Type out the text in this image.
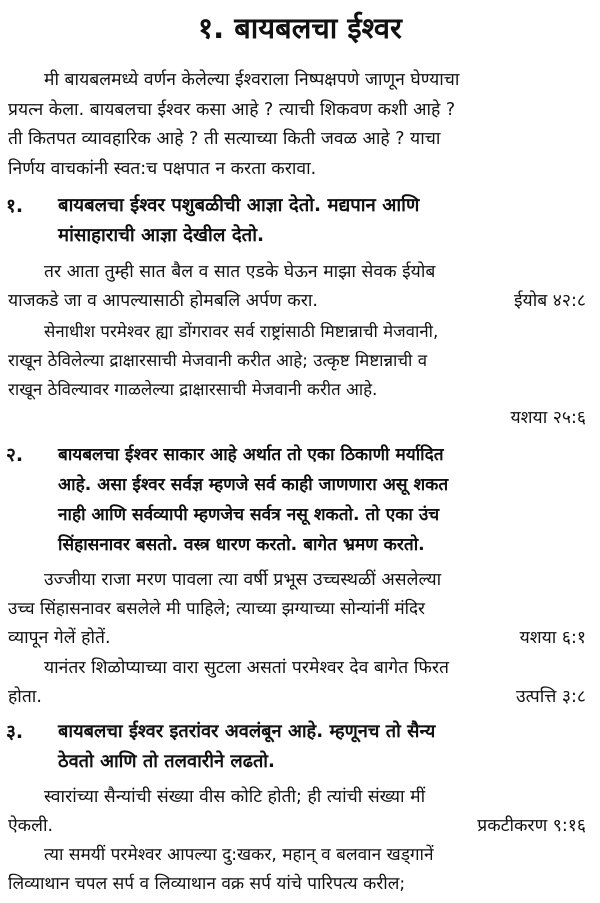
१. बायबलचा ईश्वर
मी बायबलमध्ये वर्णन केलेल्या ईश्वराला निष्पक्षपणे जाणून घेण्याचा
प्रयत्न केला. बायबलचा ईश्वर कसा आहे ? त्याची शिकवण कशी आहे ?
ती कितपत व्यावहारिक आहे ? ती सत्याच्या किती जवळ आहे ? याचा
निर्णय वाचकांनी स्वत:च पक्षपात न करता करावा.
१. बायबलचा ईश्वर पशुबळीची आज्ञा देतो. मद्यपान आणि
मांसाहाराची आज्ञा देखील देतो.
तर आता तुम्ही सात बैल व सात एडके घेऊन माझा सेवक ईयोब
याजकडे जा व आपल्यासाठी होमबलि अर्पण करा.	ईयोब ४२:८
सेनाधीश परमेश्वर ह्या डोंगरावर सर्व राष्ट्रांसाठी मिष्टान्नाची मेजवानी,
राखून ठेविलेल्या द्राक्षारसाची मेजवानी करीत आहे; उत्कृष्ट मिष्टान्नाची व
राखून ठेविल्यावर गाळलेल्या द्राक्षारसाची मेजवानी करीत आहे.
यशया २५:६
२. बायबलचा ईश्वर साकार आहे अर्थात तो एका ठिकाणी मर्यादित
आहे. असा ईश्वर सर्वज्ञ म्हणजे सर्व काही जाणणारा असू शकत
नाही आणि सर्वव्यापी म्हणजेच सर्वत्र नसू शकतो. तो एका उंच
सिंहासनावर बसतो. वस्त्र धारण करतो. बागेत भ्रमण करतो.
उज्जीया राजा मरण पावला त्या वर्षी प्रभूस उच्चस्थळीं असलेल्या
उच्च सिंहासनावर बसलेले मी पाहिले; त्याच्या झग्याच्या सोन्यांनीं मंदिर
व्यापून गेलें होतें.	यशया ६:१
यानंतर शिळोप्याच्या वारा सुटला असतां परमेश्वर देव बागेत फिरत
होता.	उत्पत्ति ३:८
३. बायबलचा ईश्वर इतरांवर अवलंबून आहे. म्हणूनच तो सैन्य
ठेवतो आणि तो तलवारीने लढतो.
स्वारांच्या सैन्यांची संख्या वीस कोटि होती; ही त्यांची संख्या मीं
ऐकली.	प्रकटीकरण ९:१६
त्या समयीं परमेश्वर आपल्या दु:खकर, महान् व बलवान खड्गानें
लिव्याथान चपल सर्प व लिव्याथान वक्र सर्प यांचे पारिपत्य करील;
